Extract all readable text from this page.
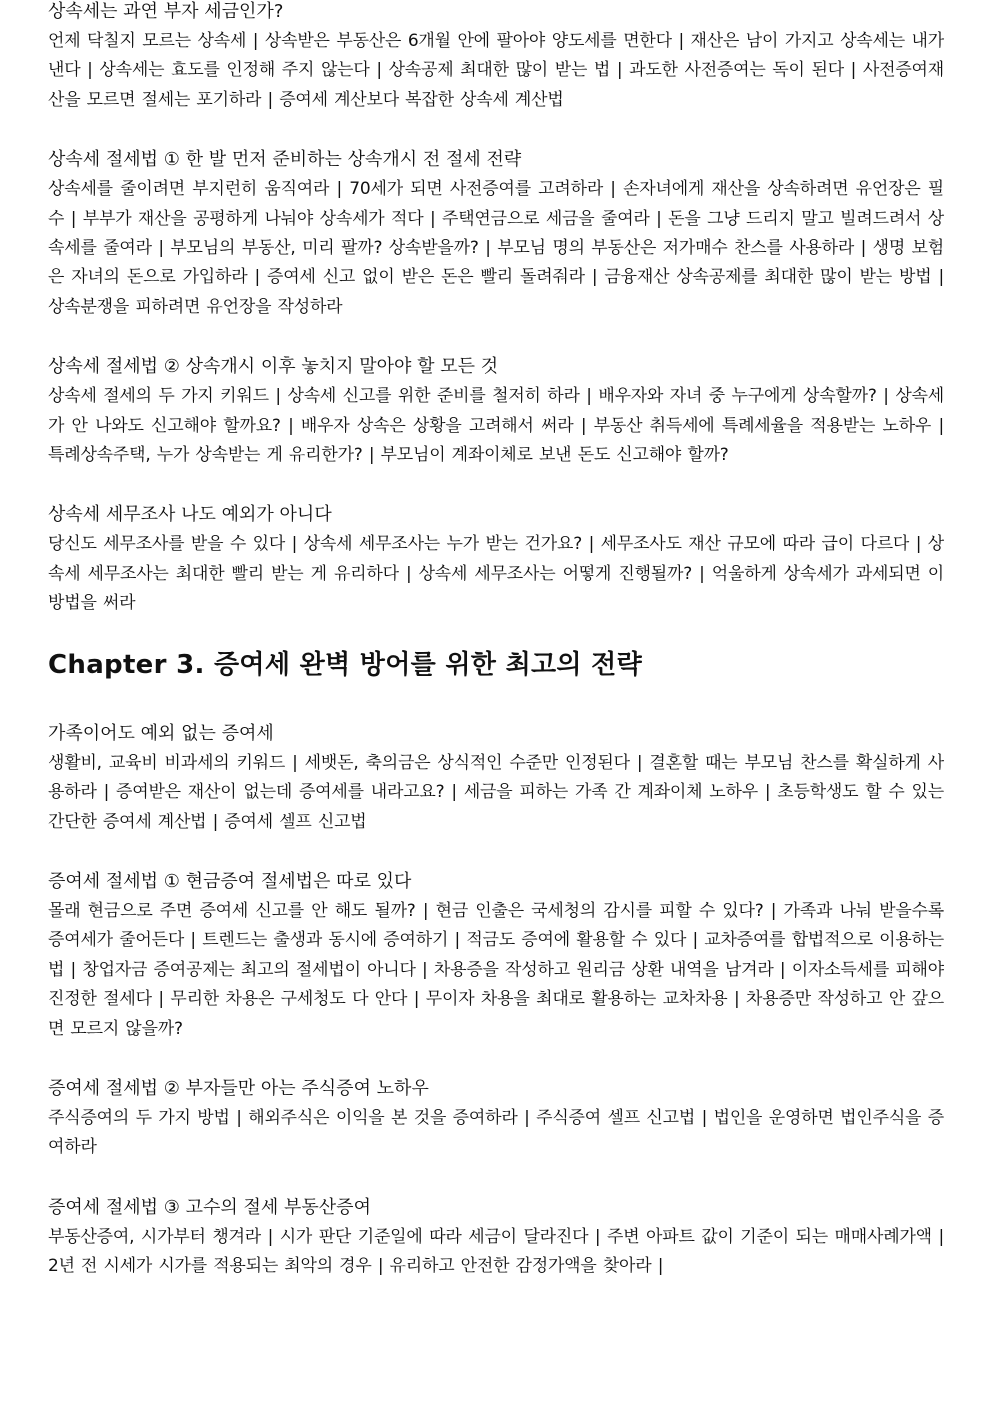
상속세는 과연 부자 세금인가?

언제 닥칠지 모르는 상속세 | 상속받은 부동산은 6개월 안에 팔아야 양도세를 면한다 | 재산은 남이 가지고 상속세는 내가 낸다 | 상속세는 효도를 인정해 주지 않는다 | 상속공제 최대한 많이 받는 법 | 과도한 사전증여는 독이 된다 | 사전증여재산을 모르면 절세는 포기하라 | 증여세 계산보다 복잡한 상속세 계산법

상속세 절세법 ① 한 발 먼저 준비하는 상속개시 전 절세 전략

상속세를 줄이려면 부지런히 움직여라 | 70세가 되면 사전증여를 고려하라 | 손자녀에게 재산을 상속하려면 유언장은 필수 | 부부가 재산을 공평하게 나눠야 상속세가 적다 | 주택연금으로 세금을 줄여라 | 돈을 그냥 드리지 말고 빌려드려서 상속세를 줄여라 | 부모님의 부동산, 미리 팔까? 상속받을까? | 부모님 명의 부동산은 저가매수 찬스를 사용하라 | 생명 보험은 자녀의 돈으로 가입하라 | 증여세 신고 없이 받은 돈은 빨리 돌려줘라 | 금융재산 상속공제를 최대한 많이 받는 방법 | 상속분쟁을 피하려면 유언장을 작성하라

상속세 절세법 ② 상속개시 이후 놓치지 말아야 할 모든 것

상속세 절세의 두 가지 키워드 | 상속세 신고를 위한 준비를 철저히 하라 | 배우자와 자녀 중 누구에게 상속할까? | 상속세가 안 나와도 신고해야 할까요? | 배우자 상속은 상황을 고려해서 써라 | 부동산 취득세에 특례세율을 적용받는 노하우 | 특례상속주택, 누가 상속받는 게 유리한가? | 부모님이 계좌이체로 보낸 돈도 신고해야 할까?

상속세 세무조사 나도 예외가 아니다

당신도 세무조사를 받을 수 있다 | 상속세 세무조사는 누가 받는 건가요? | 세무조사도 재산 규모에 따라 급이 다르다 | 상속세 세무조사는 최대한 빨리 받는 게 유리하다 | 상속세 세무조사는 어떻게 진행될까? | 억울하게 상속세가 과세되면 이 방법을 써라

Chapter 3. 증여세 완벽 방어를 위한 최고의 전략
가족이어도 예외 없는 증여세

생활비, 교육비 비과세의 키워드 | 세뱃돈, 축의금은 상식적인 수준만 인정된다 | 결혼할 때는 부모님 찬스를 확실하게 사용하라 | 증여받은 재산이 없는데 증여세를 내라고요? | 세금을 피하는 가족 간 계좌이체 노하우 | 초등학생도 할 수 있는 간단한 증여세 계산법 | 증여세 셀프 신고법

증여세 절세법 ① 현금증여 절세법은 따로 있다

몰래 현금으로 주면 증여세 신고를 안 해도 될까? | 현금 인출은 국세청의 감시를 피할 수 있다? | 가족과 나눠 받을수록 증여세가 줄어든다 | 트렌드는 출생과 동시에 증여하기 | 적금도 증여에 활용할 수 있다 | 교차증여를 합법적으로 이용하는 법 | 창업자금 증여공제는 최고의 절세법이 아니다 | 차용증을 작성하고 원리금 상환 내역을 남겨라 | 이자소득세를 피해야 진정한 절세다 | 무리한 차용은 구세청도 다 안다 | 무이자 차용을 최대로 활용하는 교차차용 | 차용증만 작성하고 안 갚으면 모르지 않을까?

증여세 절세법 ② 부자들만 아는 주식증여 노하우

주식증여의 두 가지 방법 | 해외주식은 이익을 본 것을 증여하라 | 주식증여 셀프 신고법 | 법인을 운영하면 법인주식을 증여하라

증여세 절세법 ③ 고수의 절세 부동산증여

부동산증여, 시가부터 챙겨라 | 시가 판단 기준일에 따라 세금이 달라진다 | 주변 아파트 값이 기준이 되는 매매사례가액 | 2년 전 시세가 시가를 적용되는 최악의 경우 | 유리하고 안전한 감정가액을 찾아라 |
